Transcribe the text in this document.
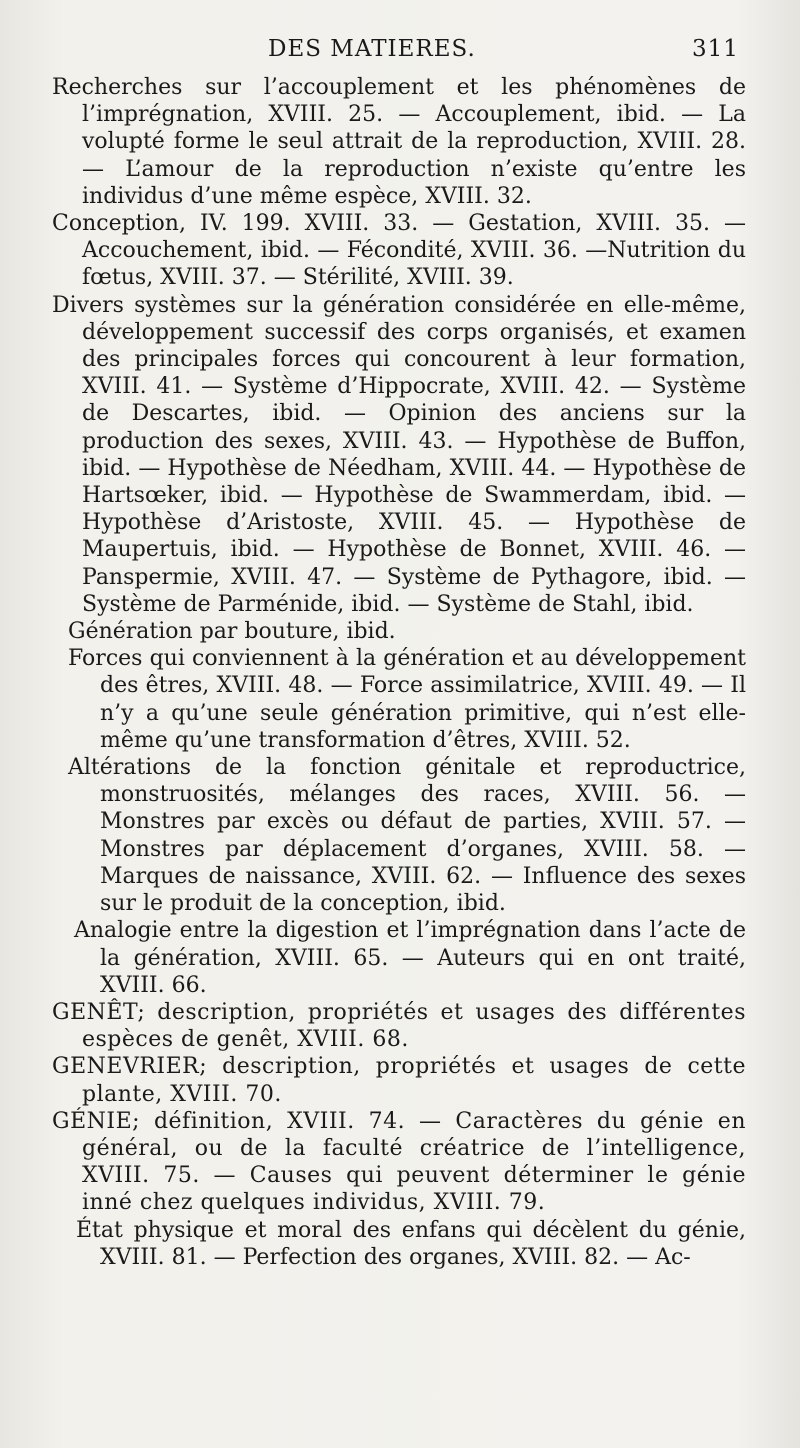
DES MATIERES.	311

Recherches sur l’accouplement et les phénomènes de l’imprégnation, XVIII. 25. — Accouplement, ibid. — La volupté forme le seul attrait de la reproduction, XVIII. 28. — L’amour de la reproduction n’existe qu’entre les individus d’une même espèce, XVIII. 32.

Conception, IV. 199. XVIII. 33. — Gestation, XVIII. 35. — Accouchement, ibid. — Fécondité, XVIII. 36. —Nutrition du fœtus, XVIII. 37. — Stérilité, XVIII. 39.

Divers systèmes sur la génération considérée en elle-même, développement successif des corps organisés, et examen des principales forces qui concourent à leur formation, XVIII. 41. — Système d’Hippocrate, XVIII. 42. — Système de Descartes, ibid. — Opinion des anciens sur la production des sexes, XVIII. 43. — Hypothèse de Buffon, ibid. — Hypothèse de Néedham, XVIII. 44. — Hypothèse de Hartsœker, ibid. — Hypothèse de Swammerdam, ibid. — Hypothèse d’Aristoste, XVIII. 45. — Hypothèse de Maupertuis, ibid. — Hypothèse de Bonnet, XVIII. 46. — Panspermie, XVIII. 47. — Système de Pythagore, ibid. — Système de Parménide, ibid. — Système de Stahl, ibid.

Génération par bouture, ibid.

Forces qui conviennent à la génération et au développement des êtres, XVIII. 48. — Force assimilatrice, XVIII. 49. — Il n’y a qu’une seule génération primitive, qui n’est elle-même qu’une transformation d’êtres, XVIII. 52.

Altérations de la fonction génitale et reproductrice, monstruosités, mélanges des races, XVIII. 56. — Monstres par excès ou défaut de parties, XVIII. 57. — Monstres par déplacement d’organes, XVIII. 58. — Marques de naissance, XVIII. 62. — Influence des sexes sur le produit de la conception, ibid.

Analogie entre la digestion et l’imprégnation dans l’acte de la génération, XVIII. 65. — Auteurs qui en ont traité, XVIII. 66.

GENÊT; description, propriétés et usages des différentes espèces de genêt, XVIII. 68.

GENEVRIER; description, propriétés et usages de cette plante, XVIII. 70.

GÉNIE; définition, XVIII. 74. — Caractères du génie en général, ou de la faculté créatrice de l’intelligence, XVIII. 75. — Causes qui peuvent déterminer le génie inné chez quelques individus, XVIII. 79.

État physique et moral des enfans qui décèlent du génie, XVIII. 81. — Perfection des organes, XVIII. 82. — Ac-
